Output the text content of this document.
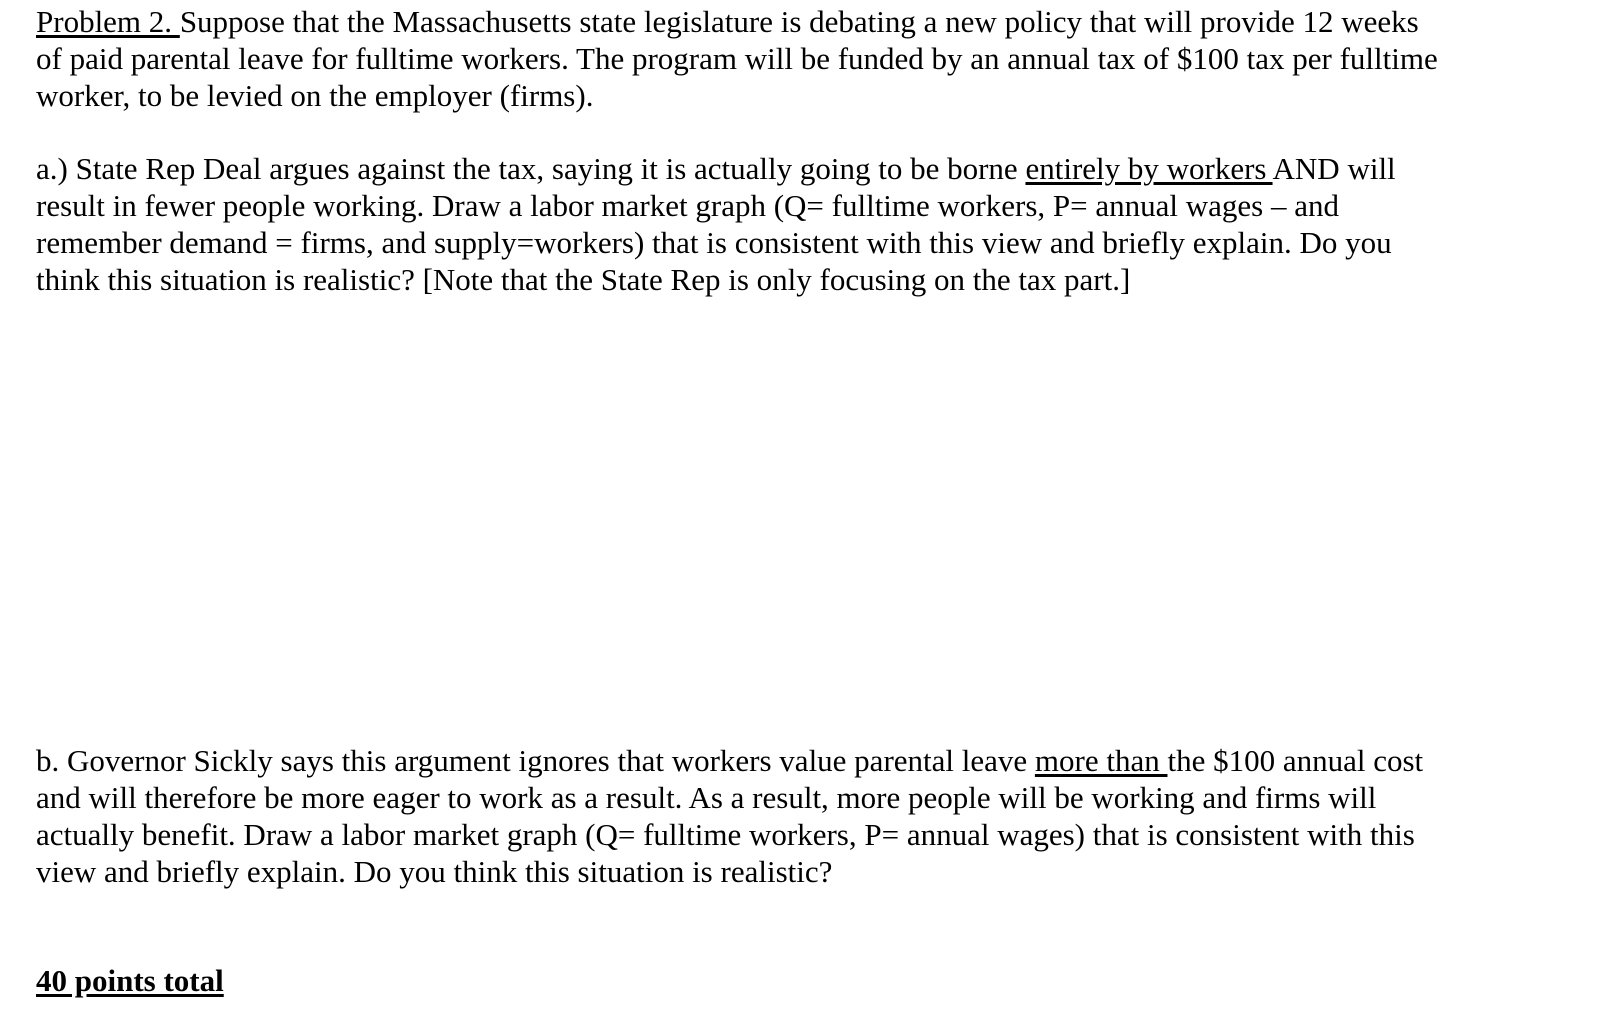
Problem 2. Suppose that the Massachusetts state legislature is debating a new policy that will provide 12 weeks
of paid parental leave for fulltime workers. The program will be funded by an annual tax of $100 tax per fulltime
worker, to be levied on the employer (firms).
a.) State Rep Deal argues against the tax, saying it is actually going to be borne entirely by workers AND will
result in fewer people working. Draw a labor market graph (Q= fulltime workers, P= annual wages – and
remember demand = firms, and supply=workers) that is consistent with this view and briefly explain. Do you
think this situation is realistic? [Note that the State Rep is only focusing on the tax part.]
b. Governor Sickly says this argument ignores that workers value parental leave more than the $100 annual cost
and will therefore be more eager to work as a result. As a result, more people will be working and firms will
actually benefit. Draw a labor market graph (Q= fulltime workers, P= annual wages) that is consistent with this
view and briefly explain. Do you think this situation is realistic?
40 points total
